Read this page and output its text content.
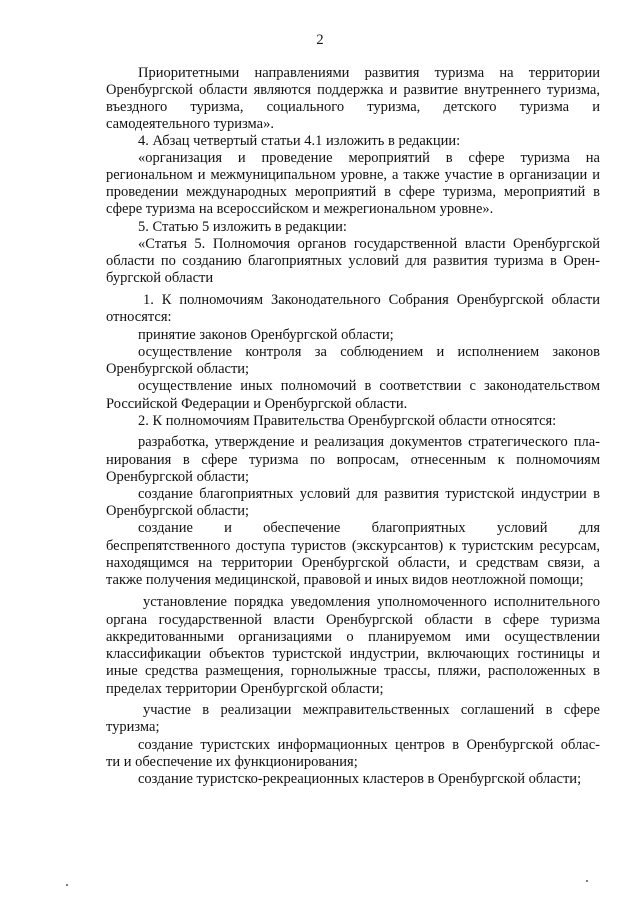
2
Приоритетными направлениями развития туризма на территории
Оренбургской области являются поддержка и развитие внутреннего туризма,
въездного туризма, социального туризма, детского туризма и
самодеятельного туризма».
4. Абзац четвертый статьи 4.1 изложить в редакции:
«организация и проведение мероприятий в сфере туризма на
региональном и межмуниципальном уровне, а также участие в организации и
проведении международных мероприятий в сфере туризма, мероприятий в
сфере туризма на всероссийском и межрегиональном уровне».
5. Статью 5 изложить в редакции:
«Статья 5. Полномочия органов государственной власти Оренбургской
области по созданию благоприятных условий для развития туризма в Орен-
бургской области
1. К полномочиям Законодательного Собрания Оренбургской области
относятся:
принятие законов Оренбургской области;
осуществление контроля за соблюдением и исполнением законов
Оренбургской области;
осуществление иных полномочий в соответствии с законодательством
Российской Федерации и Оренбургской области.
2. К полномочиям Правительства Оренбургской области относятся:
разработка, утверждение и реализация документов стратегического пла-
нирования в сфере туризма по вопросам, отнесенным к полномочиям
Оренбургской области;
создание благоприятных условий для развития туристской индустрии в
Оренбургской области;
создание и обеспечение благоприятных условий для
беспрепятственного доступа туристов (экскурсантов) к туристским ресурсам,
находящимся на территории Оренбургской области, и средствам связи, а
также получения медицинской, правовой и иных видов неотложной помощи;
установление порядка уведомления уполномоченного исполнительного
органа государственной власти Оренбургской области в сфере туризма
аккредитованными организациями о планируемом ими осуществлении
классификации объектов туристской индустрии, включающих гостиницы и
иные средства размещения, горнолыжные трассы, пляжи, расположенных в
пределах территории Оренбургской области;
участие в реализации межправительственных соглашений в сфере
туризма;
создание туристских информационных центров в Оренбургской облас-
ти и обеспечение их функционирования;
создание туристско-рекреационных кластеров в Оренбургской области;
